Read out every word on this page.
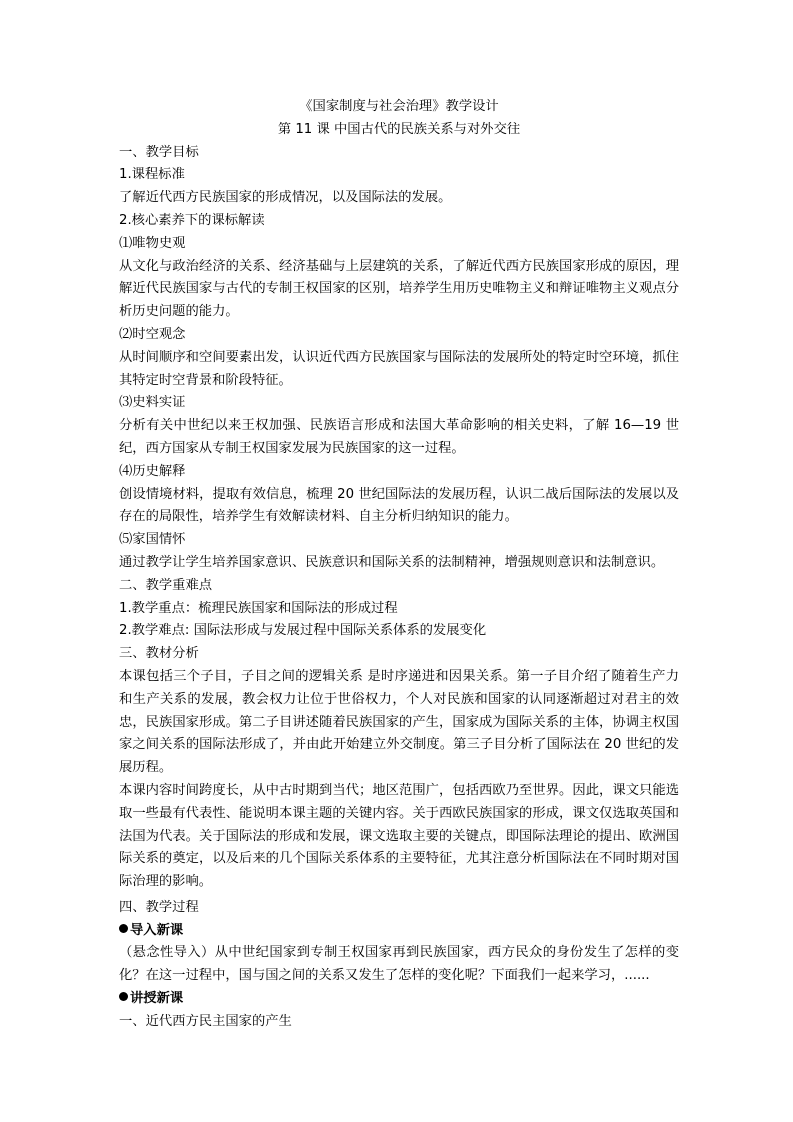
《国家制度与社会治理》教学设计

第 11 课 中国古代的民族关系与对外交往

一、教学目标

1.课程标准

了解近代西方民族国家的形成情况，以及国际法的发展。

2.核心素养下的课标解读

⑴唯物史观

从文化与政治经济的关系、经济基础与上层建筑的关系，了解近代西方民族国家形成的原因，理解近代民族国家与古代的专制王权国家的区别，培养学生用历史唯物主义和辩证唯物主义观点分析历史问题的能力。

⑵时空观念

从时间顺序和空间要素出发，认识近代西方民族国家与国际法的发展所处的特定时空环境，抓住其特定时空背景和阶段特征。

⑶史料实证

分析有关中世纪以来王权加强、民族语言形成和法国大革命影响的相关史料，了解 16—19 世纪，西方国家从专制王权国家发展为民族国家的这一过程。

⑷历史解释

创设情境材料，提取有效信息，梳理 20 世纪国际法的发展历程，认识二战后国际法的发展以及存在的局限性，培养学生有效解读材料、自主分析归纳知识的能力。

⑸家国情怀

通过教学让学生培养国家意识、民族意识和国际关系的法制精神，增强规则意识和法制意识。

二、教学重难点

1.教学重点：梳理民族国家和国际法的形成过程

2.教学难点: 国际法形成与发展过程中国际关系体系的发展变化

三、教材分析

本课包括三个子目，子目之间的逻辑关系 是时序递进和因果关系。第一子目介绍了随着生产力和生产关系的发展，教会权力让位于世俗权力，个人对民族和国家的认同逐渐超过对君主的效忠，民族国家形成。第二子目讲述随着民族国家的产生，国家成为国际关系的主体，协调主权国家之间关系的国际法形成了，并由此开始建立外交制度。第三子目分析了国际法在 20 世纪的发展历程。

本课内容时间跨度长，从中古时期到当代；地区范围广，包括西欧乃至世界。因此，课文只能选取一些最有代表性、能说明本课主题的关键内容。关于西欧民族国家的形成，课文仅选取英国和法国为代表。关于国际法的形成和发展，课文选取主要的关键点，即国际法理论的提出、欧洲国际关系的奠定，以及后来的几个国际关系体系的主要特征，尤其注意分析国际法在不同时期对国际治理的影响。

四、教学过程

导入新课

（悬念性导入）从中世纪国家到专制王权国家再到民族国家，西方民众的身份发生了怎样的变化？在这一过程中，国与国之间的关系又发生了怎样的变化呢？下面我们一起来学习，......

讲授新课

一、近代西方民主国家的产生
